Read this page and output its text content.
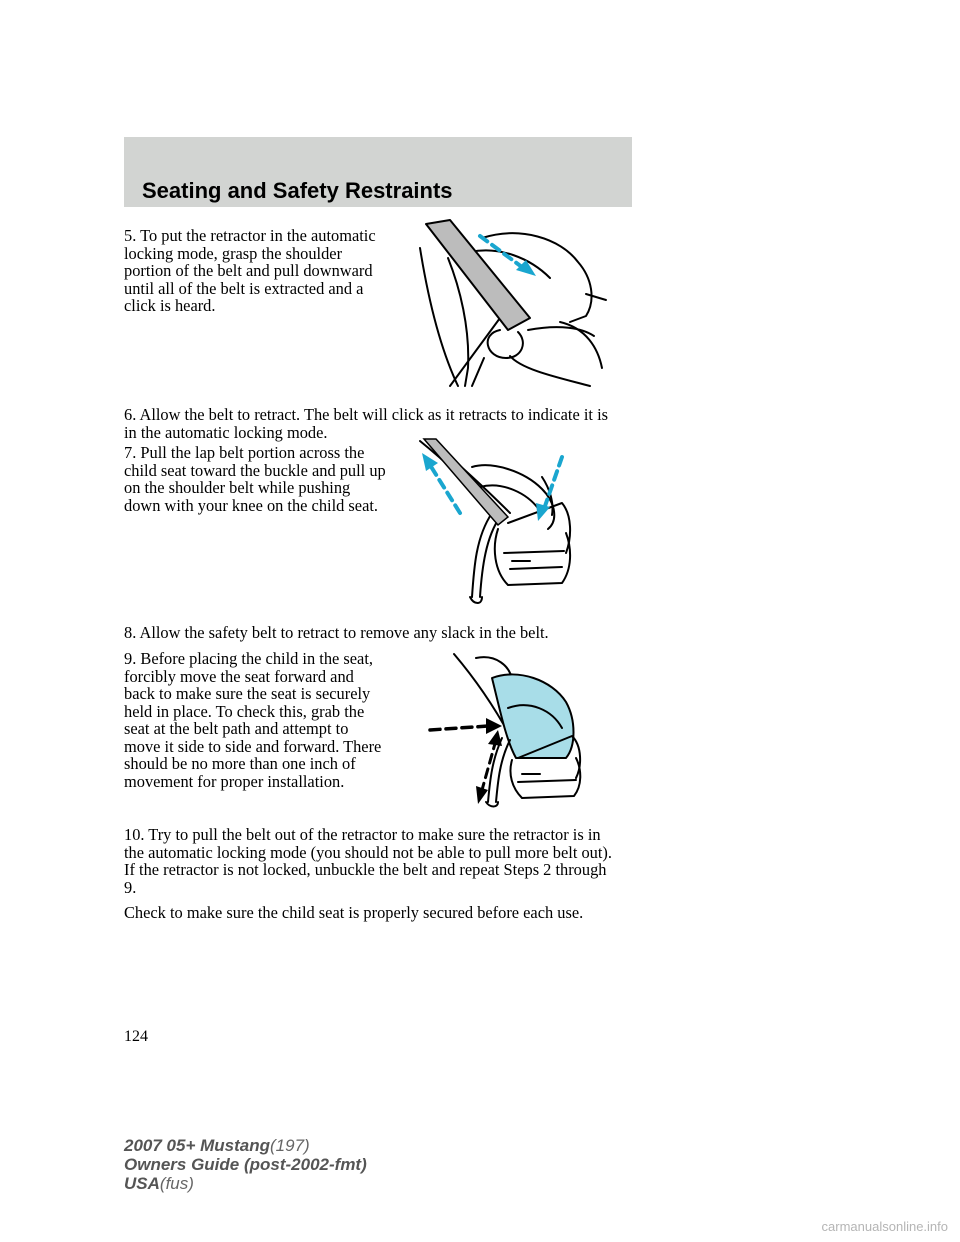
Seating and Safety Restraints

5. To put the retractor in the automatic locking mode, grasp the shoulder portion of the belt and pull downward until all of the belt is extracted and a click is heard.

6. Allow the belt to retract. The belt will click as it retracts to indicate it is in the automatic locking mode.

7. Pull the lap belt portion across the child seat toward the buckle and pull up on the shoulder belt while pushing down with your knee on the child seat.

8. Allow the safety belt to retract to remove any slack in the belt.

9. Before placing the child in the seat, forcibly move the seat forward and back to make sure the seat is securely held in place. To check this, grab the seat at the belt path and attempt to move it side to side and forward. There should be no more than one inch of movement for proper installation.

10. Try to pull the belt out of the retractor to make sure the retractor is in the automatic locking mode (you should not be able to pull more belt out). If the retractor is not locked, unbuckle the belt and repeat Steps 2 through 9.

Check to make sure the child seat is properly secured before each use.

124
2007 05+ Mustang(197)
Owners Guide (post-2002-fmt)
USA(fus)
carmanualsonline.info
